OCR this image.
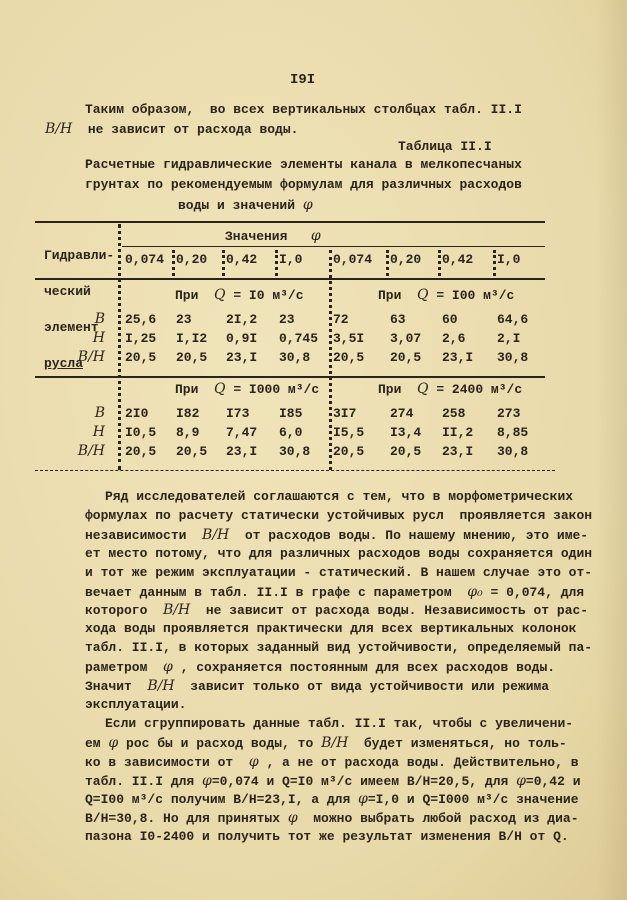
I9I
Таким образом,  во всех вертикальных столбцах табл. II.I
B/H  не зависит от расхода воды.
Таблица II.I
Расчетные гидравлические элементы канала в мелкопесчаных
грунтах по рекомендуемым формулам для различных расходов
воды и значений φ

Гидравли-

ческий

элемент

русла

Значения φ
0,074 0,20 0,42 I,0 0,074 0,20 0,42 I,0
При Q = I0 м³/с	При Q = I00 м³/с
B 25,6 23	2I,2 23	72	63	60	64,6
H I,25 I,I2 0,9I 0,745 3,5I 3,07 2,6 2,I
B/H 20,5 20,5 23,I 30,8 20,5 20,5 23,I 30,8
При Q = I000 м³/с	При Q = 2400 м³/с
B 2I0 I82 I73 I85 3I7	274 258 273
H I0,5 8,9 7,47 6,0 I5,5 I3,4 II,2 8,85
B/H 20,5 20,5 23,I 30,8 20,5 20,5 23,I 30,8
Ряд исследователей соглашаются с тем, что в морфометрических
формулах по расчету статически устойчивых русл  проявляется закон
независимости  B/H  от расходов воды. По нашему мнению, это име-
ет место потому, что для различных расходов воды сохраняется один
и тот же режим эксплуатации - статический. В нашем случае это от-
вечает данным в табл. II.I в графе с параметром  φ₀ = 0,074, для
которого  B/H  не зависит от расхода воды. Независимость от рас-
хода воды проявляется практически для всех вертикальных колонок
табл. II.I, в которых заданный вид устойчивости, определяемый па-
раметром  φ , сохраняется постоянным для всех расходов воды.
Значит  B/H  зависит только от вида устойчивости или режима
эксплуатации.
Если сгруппировать данные табл. II.I так, чтобы с увеличени-
ем φ рос бы и расход воды, то B/H  будет изменяться, но толь-
ко в зависимости от  φ , а не от расхода воды. Действительно, в
табл. II.I для φ=0,074 и Q=I0 м³/с имеем В/Н=20,5, для φ=0,42 и
Q=I00 м³/с получим В/Н=23,I, а для φ=I,0 и Q=I000 м³/с значение
В/Н=30,8. Но для принятых φ  можно выбрать любой расход из диа-
пазона I0-2400 и получить тот же результат изменения В/Н от Q.
